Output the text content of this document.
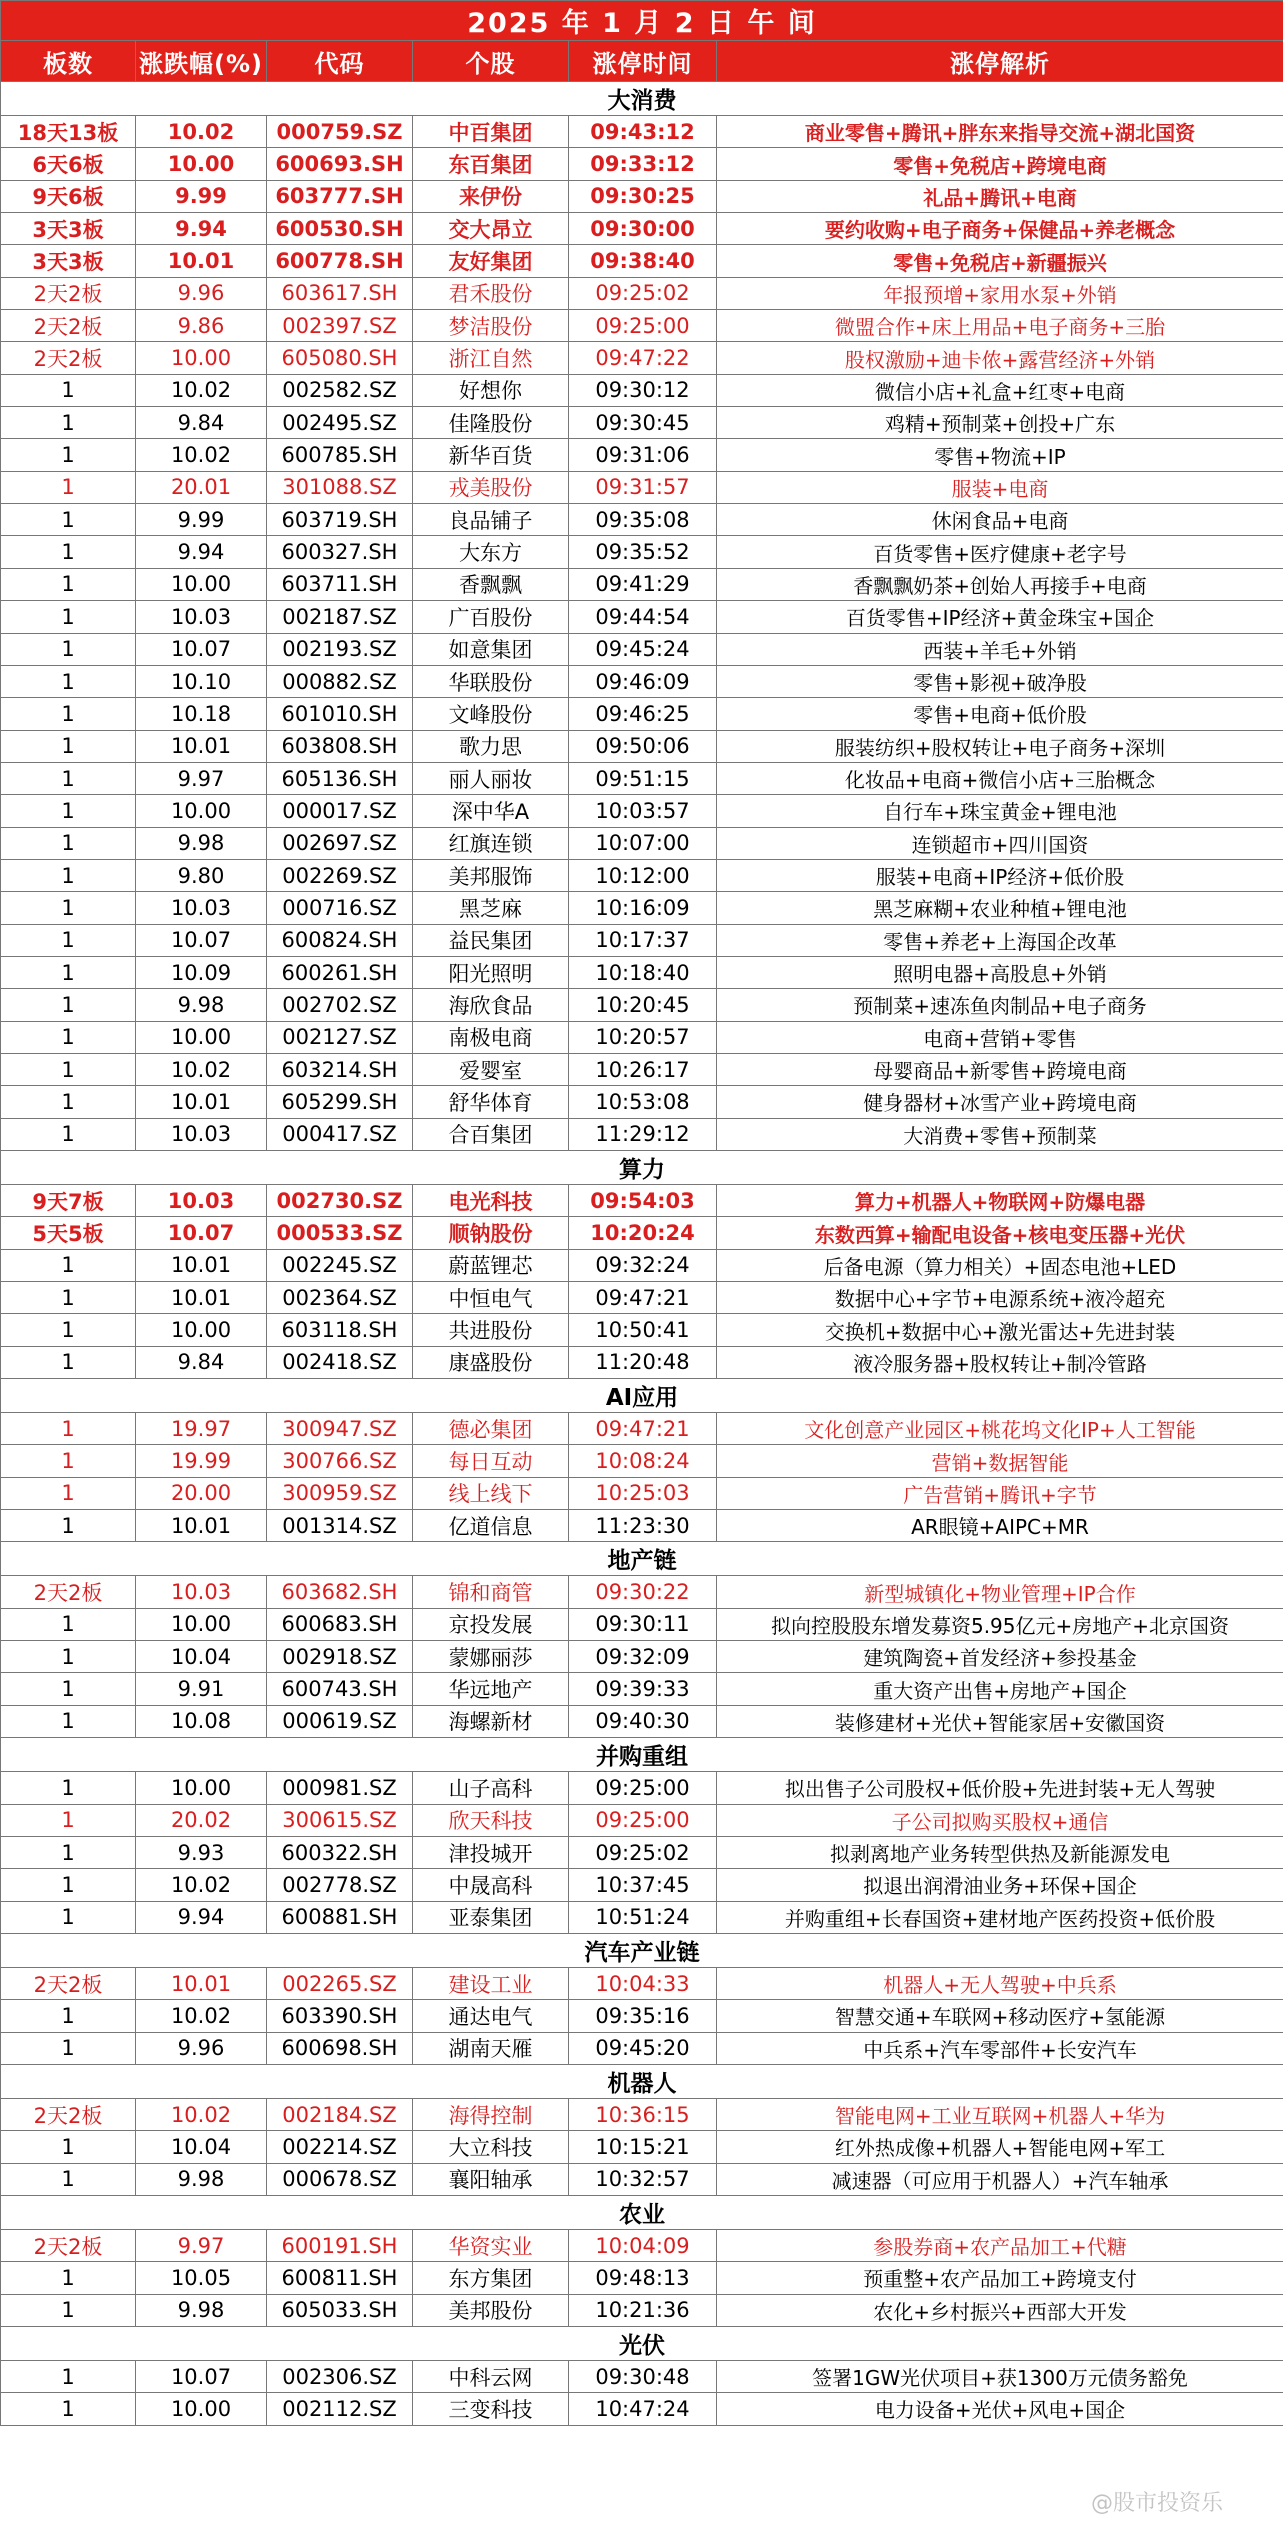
2025 年 1 月 2 日 午 间					
板数	涨跌幅(%)	代码	个股	涨停时间	涨停解析
大消费					
18天13板	10.02	000759.SZ	中百集团	09:43:12	商业零售+腾讯+胖东来指导交流+湖北国资
6天6板	10.00	600693.SH	东百集团	09:33:12	零售+免税店+跨境电商
9天6板	9.99	603777.SH	来伊份	09:30:25	礼品+腾讯+电商
3天3板	9.94	600530.SH	交大昂立	09:30:00	要约收购+电子商务+保健品+养老概念
3天3板	10.01	600778.SH	友好集团	09:38:40	零售+免税店+新疆振兴
2天2板	9.96	603617.SH	君禾股份	09:25:02	年报预增+家用水泵+外销
2天2板	9.86	002397.SZ	梦洁股份	09:25:00	微盟合作+床上用品+电子商务+三胎
2天2板	10.00	605080.SH	浙江自然	09:47:22	股权激励+迪卡侬+露营经济+外销
1	10.02	002582.SZ	好想你	09:30:12	微信小店+礼盒+红枣+电商
1	9.84	002495.SZ	佳隆股份	09:30:45	鸡精+预制菜+创投+广东
1	10.02	600785.SH	新华百货	09:31:06	零售+物流+IP
1	20.01	301088.SZ	戎美股份	09:31:57	服装+电商
1	9.99	603719.SH	良品铺子	09:35:08	休闲食品+电商
1	9.94	600327.SH	大东方	09:35:52	百货零售+医疗健康+老字号
1	10.00	603711.SH	香飘飘	09:41:29	香飘飘奶茶+创始人再接手+电商
1	10.03	002187.SZ	广百股份	09:44:54	百货零售+IP经济+黄金珠宝+国企
1	10.07	002193.SZ	如意集团	09:45:24	西装+羊毛+外销
1	10.10	000882.SZ	华联股份	09:46:09	零售+影视+破净股
1	10.18	601010.SH	文峰股份	09:46:25	零售+电商+低价股
1	10.01	603808.SH	歌力思	09:50:06	服装纺织+股权转让+电子商务+深圳
1	9.97	605136.SH	丽人丽妆	09:51:15	化妆品+电商+微信小店+三胎概念
1	10.00	000017.SZ	深中华A	10:03:57	自行车+珠宝黄金+锂电池
1	9.98	002697.SZ	红旗连锁	10:07:00	连锁超市+四川国资
1	9.80	002269.SZ	美邦服饰	10:12:00	服装+电商+IP经济+低价股
1	10.03	000716.SZ	黑芝麻	10:16:09	黑芝麻糊+农业种植+锂电池
1	10.07	600824.SH	益民集团	10:17:37	零售+养老+上海国企改革
1	10.09	600261.SH	阳光照明	10:18:40	照明电器+高股息+外销
1	9.98	002702.SZ	海欣食品	10:20:45	预制菜+速冻鱼肉制品+电子商务
1	10.00	002127.SZ	南极电商	10:20:57	电商+营销+零售
1	10.02	603214.SH	爱婴室	10:26:17	母婴商品+新零售+跨境电商
1	10.01	605299.SH	舒华体育	10:53:08	健身器材+冰雪产业+跨境电商
1	10.03	000417.SZ	合百集团	11:29:12	大消费+零售+预制菜
算力					
9天7板	10.03	002730.SZ	电光科技	09:54:03	算力+机器人+物联网+防爆电器
5天5板	10.07	000533.SZ	顺钠股份	10:20:24	东数西算+输配电设备+核电变压器+光伏
1	10.01	002245.SZ	蔚蓝锂芯	09:32:24	后备电源（算力相关）+固态电池+LED
1	10.01	002364.SZ	中恒电气	09:47:21	数据中心+字节+电源系统+液冷超充
1	10.00	603118.SH	共进股份	10:50:41	交换机+数据中心+激光雷达+先进封装
1	9.84	002418.SZ	康盛股份	11:20:48	液冷服务器+股权转让+制冷管路
AI应用					
1	19.97	300947.SZ	德必集团	09:47:21	文化创意产业园区+桃花坞文化IP+人工智能
1	19.99	300766.SZ	每日互动	10:08:24	营销+数据智能
1	20.00	300959.SZ	线上线下	10:25:03	广告营销+腾讯+字节
1	10.01	001314.SZ	亿道信息	11:23:30	AR眼镜+AIPC+MR
地产链					
2天2板	10.03	603682.SH	锦和商管	09:30:22	新型城镇化+物业管理+IP合作
1	10.00	600683.SH	京投发展	09:30:11	拟向控股股东增发募资5.95亿元+房地产+北京国资
1	10.04	002918.SZ	蒙娜丽莎	09:32:09	建筑陶瓷+首发经济+参投基金
1	9.91	600743.SH	华远地产	09:39:33	重大资产出售+房地产+国企
1	10.08	000619.SZ	海螺新材	09:40:30	装修建材+光伏+智能家居+安徽国资
并购重组					
1	10.00	000981.SZ	山子高科	09:25:00	拟出售子公司股权+低价股+先进封装+无人驾驶
1	20.02	300615.SZ	欣天科技	09:25:00	子公司拟购买股权+通信
1	9.93	600322.SH	津投城开	09:25:02	拟剥离地产业务转型供热及新能源发电
1	10.02	002778.SZ	中晟高科	10:37:45	拟退出润滑油业务+环保+国企
1	9.94	600881.SH	亚泰集团	10:51:24	并购重组+长春国资+建材地产医药投资+低价股
汽车产业链					
2天2板	10.01	002265.SZ	建设工业	10:04:33	机器人+无人驾驶+中兵系
1	10.02	603390.SH	通达电气	09:35:16	智慧交通+车联网+移动医疗+氢能源
1	9.96	600698.SH	湖南天雁	09:45:20	中兵系+汽车零部件+长安汽车
机器人					
2天2板	10.02	002184.SZ	海得控制	10:36:15	智能电网+工业互联网+机器人+华为
1	10.04	002214.SZ	大立科技	10:15:21	红外热成像+机器人+智能电网+军工
1	9.98	000678.SZ	襄阳轴承	10:32:57	减速器（可应用于机器人）+汽车轴承
农业					
2天2板	9.97	600191.SH	华资实业	10:04:09	参股券商+农产品加工+代糖
1	10.05	600811.SH	东方集团	09:48:13	预重整+农产品加工+跨境支付
1	9.98	605033.SH	美邦股份	10:21:36	农化+乡村振兴+西部大开发
光伏					
1	10.07	002306.SZ	中科云网	09:30:48	签署1GW光伏项目+获1300万元债务豁免
1	10.00	002112.SZ	三变科技	10:47:24	电力设备+光伏+风电+国企
@股市投资乐
